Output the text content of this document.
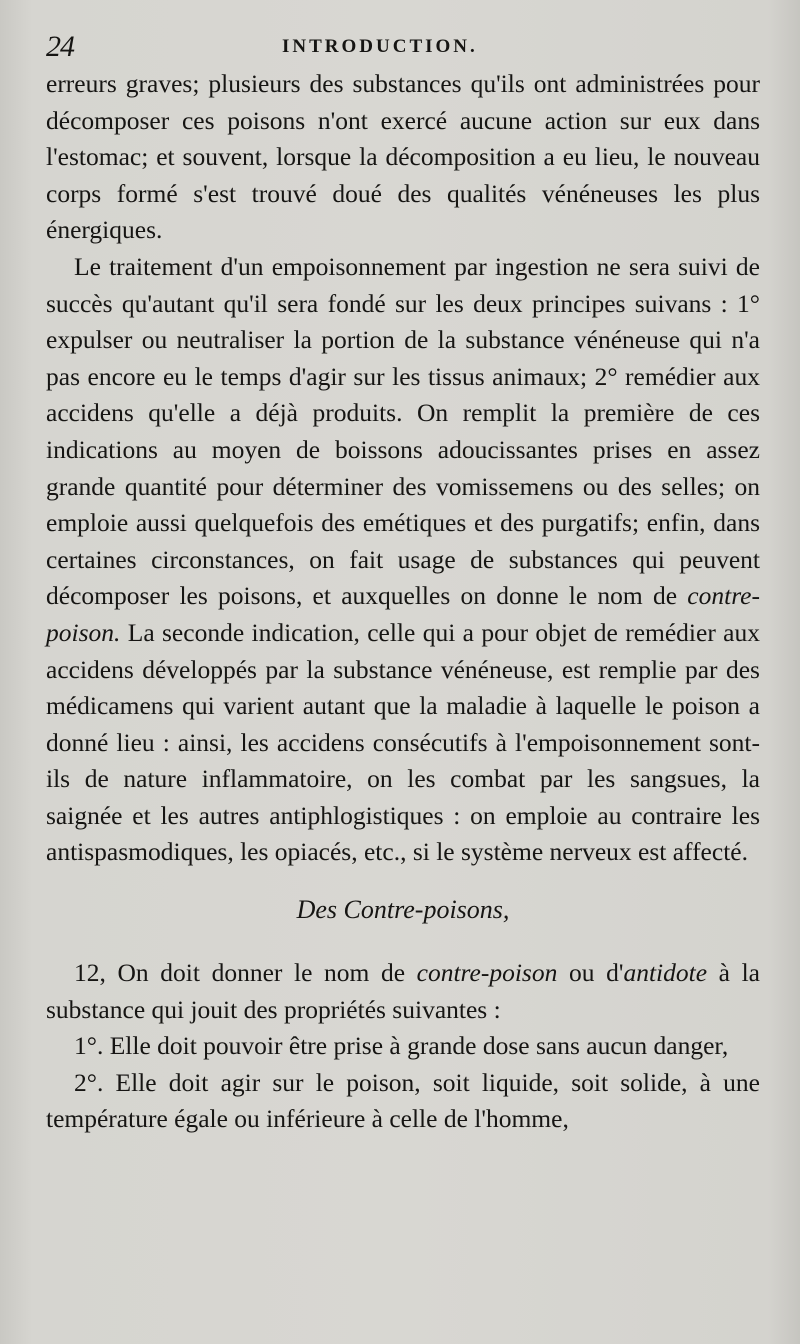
24	INTRODUCTION.

erreurs graves; plusieurs des substances qu'ils ont administrées pour décomposer ces poisons n'ont exercé aucune action sur eux dans l'estomac; et souvent, lorsque la décomposition a eu lieu, le nouveau corps formé s'est trouvé doué des qualités vénéneuses les plus énergiques.

Le traitement d'un empoisonnement par ingestion ne sera suivi de succès qu'autant qu'il sera fondé sur les deux principes suivans : 1° expulser ou neutraliser la portion de la substance vénéneuse qui n'a pas encore eu le temps d'agir sur les tissus animaux; 2° remédier aux accidens qu'elle a déjà produits. On remplit la première de ces indications au moyen de boissons adoucissantes prises en assez grande quantité pour déterminer des vomissemens ou des selles; on emploie aussi quelquefois des emétiques et des purgatifs; enfin, dans certaines circonstances, on fait usage de substances qui peuvent décomposer les poisons, et auxquelles on donne le nom de contre-poison. La seconde indication, celle qui a pour objet de remédier aux accidens développés par la substance vénéneuse, est remplie par des médicamens qui varient autant que la maladie à laquelle le poison a donné lieu : ainsi, les accidens consécutifs à l'empoisonnement sont-ils de nature inflammatoire, on les combat par les sangsues, la saignée et les autres antiphlogistiques : on emploie au contraire les antispasmodiques, les opiacés, etc., si le système nerveux est affecté.

Des Contre-poisons,

12, On doit donner le nom de contre-poison ou d'antidote à la substance qui jouit des propriétés suivantes :

1°. Elle doit pouvoir être prise à grande dose sans aucun danger,

2°. Elle doit agir sur le poison, soit liquide, soit solide, à une température égale ou inférieure à celle de l'homme,
